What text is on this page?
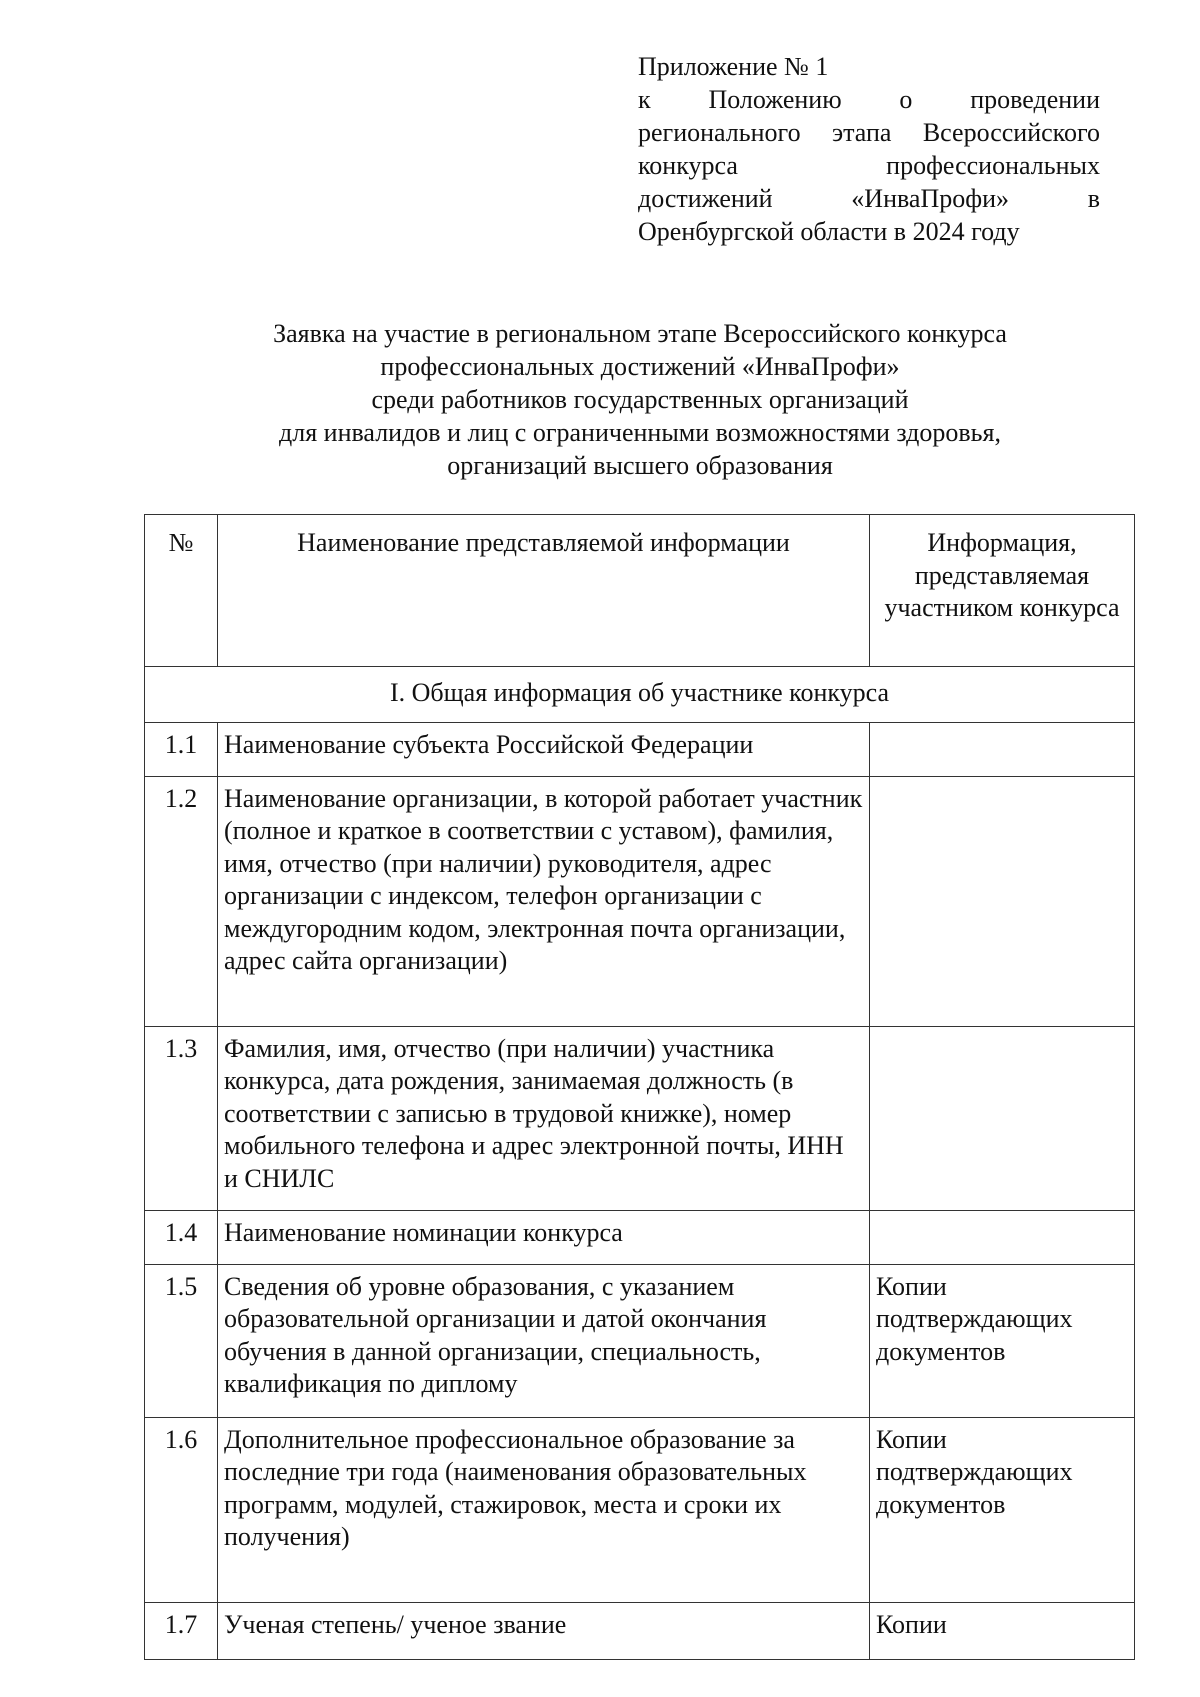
Приложение № 1
к Положению о проведении
регионального этапа Всероссийского
конкурса профессиональных
достижений «ИнваПрофи» в
Оренбургской области в 2024 году
Заявка на участие в региональном этапе Всероссийского конкурса
профессиональных достижений «ИнваПрофи»
среди работников государственных организаций
для инвалидов и лиц с ограниченными возможностями здоровья,
организаций высшего образования
№	Наименование представляемой информации	Информация, представляемая участником конкурса
I. Общая информация об участнике конкурса		
1.1	Наименование субъекта Российской Федерации	
1.2	Наименование организации, в которой работает участник (полное и краткое в соответствии с уставом), фамилия, имя, отчество (при наличии) руководителя, адрес организации с индексом, телефон организации с междугородним кодом, электронная почта организации, адрес сайта организации)	
1.3	Фамилия, имя, отчество (при наличии) участника конкурса, дата рождения, занимаемая должность (в соответствии с записью в трудовой книжке), номер мобильного телефона и адрес электронной почты, ИНН и СНИЛС	
1.4	Наименование номинации конкурса	
1.5	Сведения об уровне образования, с указанием образовательной организации и датой окончания обучения в данной организации, специальность, квалификация по диплому	Копии подтверждающих документов
1.6	Дополнительное профессиональное образование за последние три года (наименования образовательных программ, модулей, стажировок, места и сроки их получения)	Копии подтверждающих документов
1.7	Ученая степень/ ученое звание	Копии
